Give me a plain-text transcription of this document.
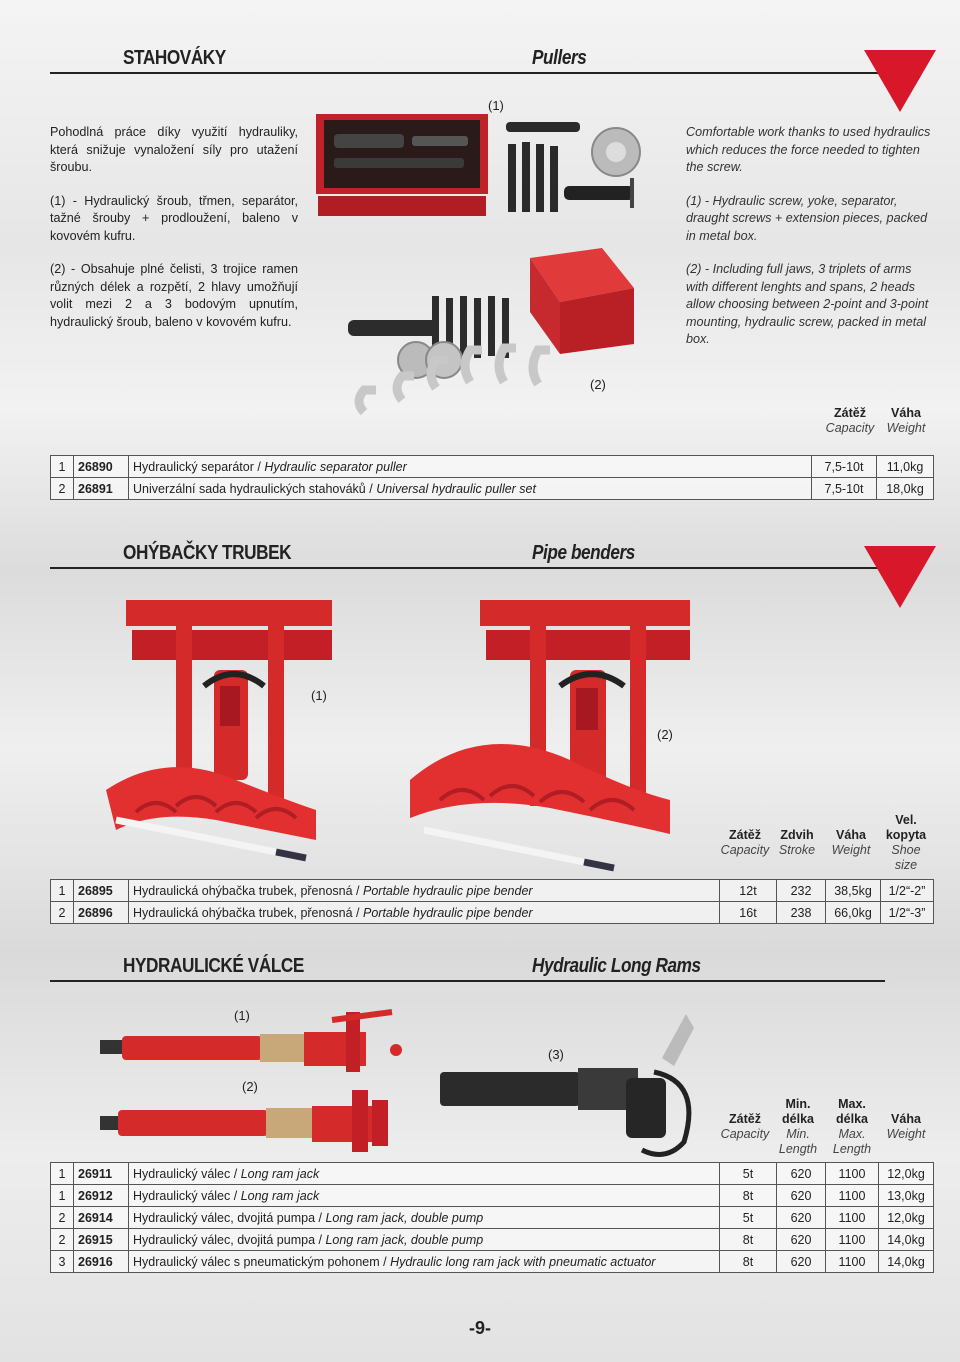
STAHOVÁKY	Pullers

Pohodlná práce díky využití hydrauliky, která snižuje vynaložení síly pro utažení šroubu.

(1) - Hydraulický šroub, třmen, separátor, tažné šrouby + prodloužení, baleno v kovovém kufru.

(2) - Obsahuje plné čelisti, 3 trojice ramen různých délek a rozpětí, 2 hlavy umožňují volit mezi 2 a 3 bodovým upnutím, hydraulický šroub, baleno v kovovém kufru.

Comfortable work thanks to used hydraulics which reduces the force needed to tighten the screw.

(1) - Hydraulic screw, yoke, separator, draught screws + extension pieces, packed in metal box.

(2) - Including full jaws, 3 triplets of arms with different lenghts and spans, 2 heads allow choosing between 2-point and 3-point mounting, hydraulic screw, packed in metal box.

(1)
(2)
Zátěž
Capacity
Váha
Weight
1	26890	Hydraulický separátor / Hydraulic separator puller	7,5-10t	11,0kg
2	26891	Univerzální sada hydraulických stahováků / Universal hydraulic puller set	7,5-10t	18,0kg
OHÝBAČKY TRUBEK	Pipe benders
(1)
(2)
Zátěž
Capacity
Zdvih
Stroke
Váha
Weight
Vel. kopyta
Shoe size
1	26895	Hydraulická ohýbačka trubek, přenosná / Portable hydraulic pipe bender	12t	232	38,5kg	1/2“-2”
2	26896	Hydraulická ohýbačka trubek, přenosná / Portable hydraulic pipe bender	16t	238	66,0kg	1/2“-3”
HYDRAULICKÉ VÁLCE	Hydraulic Long Rams
(1)
(2)
(3)
Zátěž
Capacity
Min. délka
Min. Length
Max. délka
Max. Length
Váha
Weight
1	26911	Hydraulický válec / Long ram jack	5t	620	1100	12,0kg
1	26912	Hydraulický válec / Long ram jack	8t	620	1100	13,0kg
2	26914	Hydraulický válec, dvojitá pumpa / Long ram jack, double pump	5t	620	1100	12,0kg
2	26915	Hydraulický válec, dvojitá pumpa / Long ram jack, double pump	8t	620	1100	14,0kg
3	26916	Hydraulický válec s pneumatickým pohonem / Hydraulic long ram jack with pneumatic actuator	8t	620	1100	14,0kg
-9-
